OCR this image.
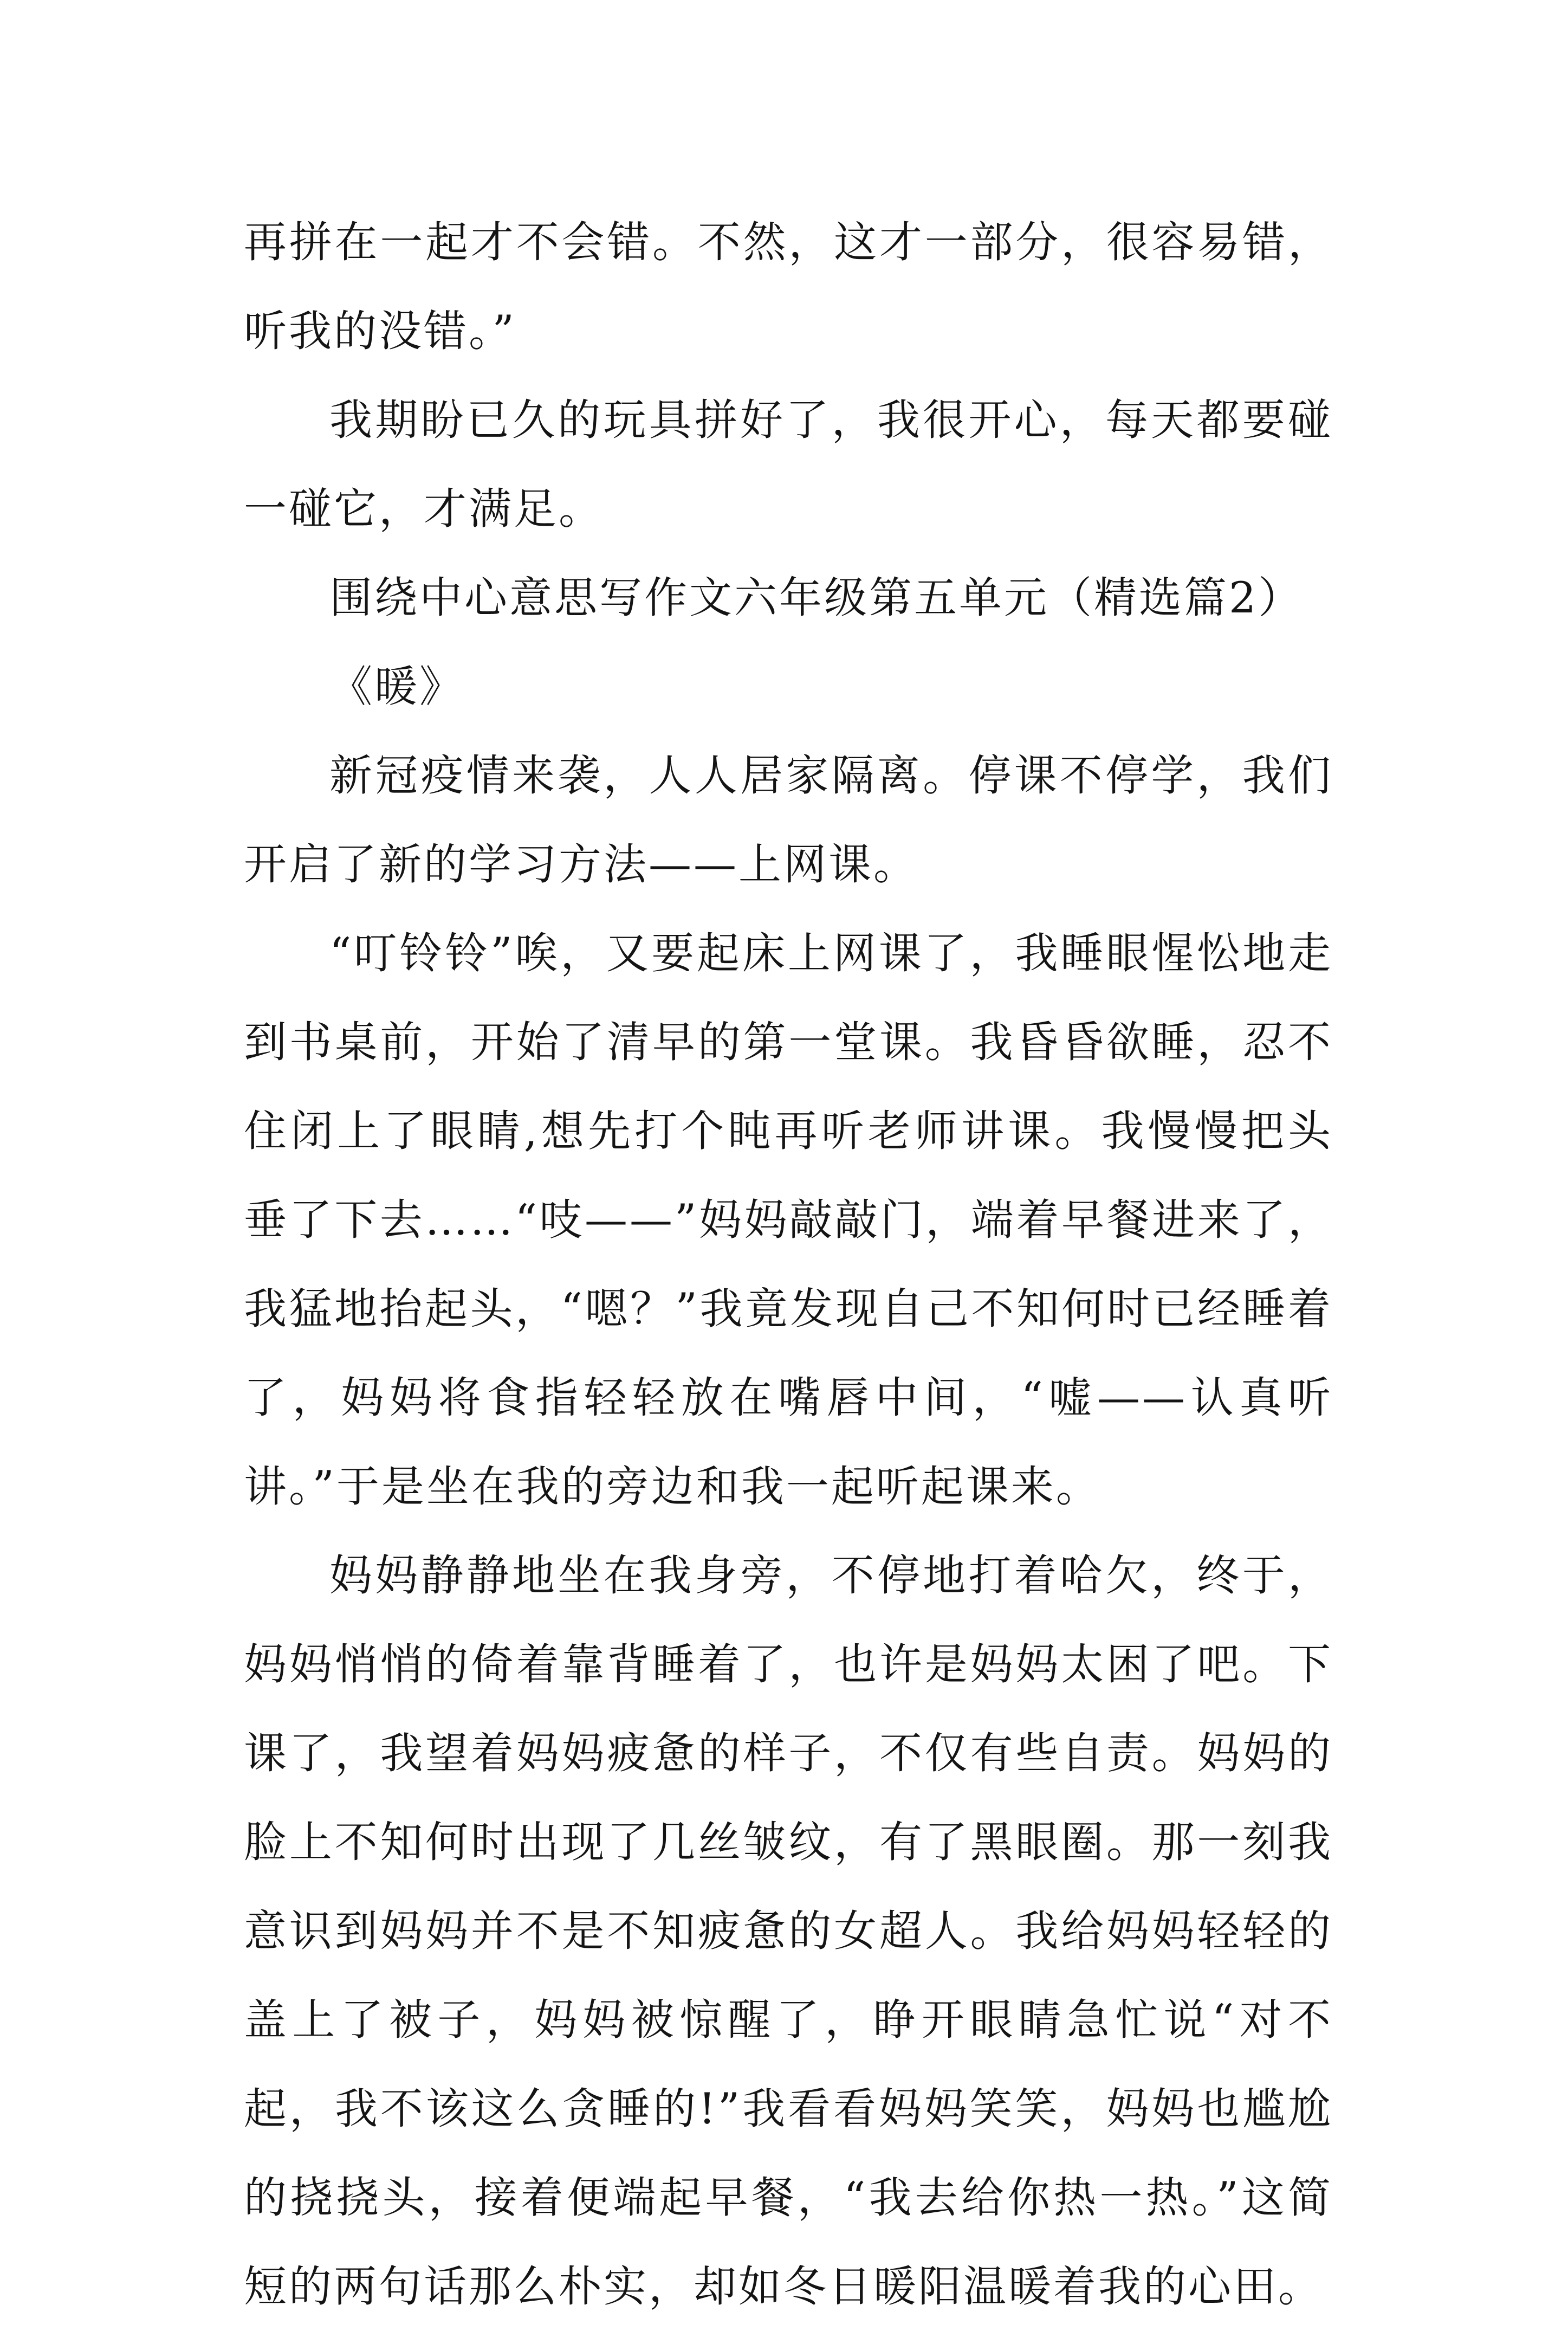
再拼在一起才不会错。不然，这才一部分，很容易错，听我的没错。”

我期盼已久的玩具拼好了，我很开心，每天都要碰一碰它，才满足。

围绕中心意思写作文六年级第五单元（精选篇2）

《暖》

新冠疫情来袭，人人居家隔离。停课不停学，我们开启了新的学习方法——上网课。

“叮铃铃”唉，又要起床上网课了，我睡眼惺忪地走到书桌前，开始了清早的第一堂课。我昏昏欲睡，忍不住闭上了眼睛,想先打个盹再听老师讲课。我慢慢把头垂了下去……“吱——”妈妈敲敲门，端着早餐进来了，我猛地抬起头，“嗯？”我竟发现自己不知何时已经睡着了，妈妈将食指轻轻放在嘴唇中间，“嘘——认真听讲。”于是坐在我的旁边和我一起听起课来。

妈妈静静地坐在我身旁，不停地打着哈欠，终于，妈妈悄悄的倚着靠背睡着了，也许是妈妈太困了吧。下课了，我望着妈妈疲惫的样子，不仅有些自责。妈妈的脸上不知何时出现了几丝皱纹，有了黑眼圈。那一刻我意识到妈妈并不是不知疲惫的女超人。我给妈妈轻轻的盖上了被子，妈妈被惊醒了，睁开眼睛急忙说“对不起，我不该这么贪睡的!”我看看妈妈笑笑，妈妈也尴尬的挠挠头，接着便端起早餐，“我去给你热一热。”这简短的两句话那么朴实，却如冬日暖阳温暖着我的心田。
